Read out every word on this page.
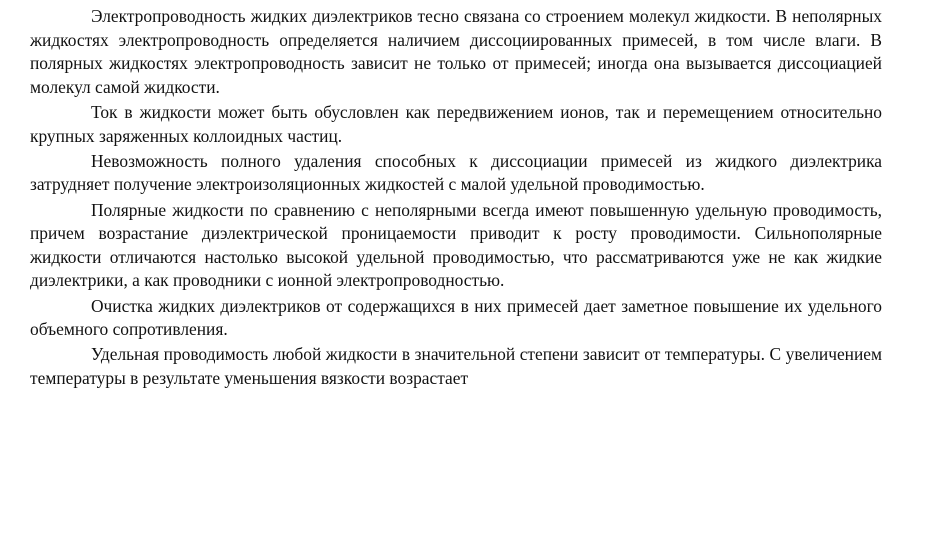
Электропроводность жидких диэлектриков тесно связана со строением молекул жидкости. В неполярных жидкостях электропроводность определяется наличием диссоциированных примесей, в том числе влаги. В полярных жидкостях электропроводность зависит не только от примесей; иногда она вызывается диссоциацией молекул самой жидкости.

Ток в жидкости может быть обусловлен как передвижением ионов, так и перемещением относительно крупных заряженных коллоидных частиц.

Невозможность полного удаления способных к диссоциации примесей из жидкого диэлектрика затрудняет получение электроизоляционных жидкостей с малой удельной проводимостью.

Полярные жидкости по сравнению с неполярными всегда имеют повышенную удельную проводимость, причем возрастание диэлектрической проницаемости приводит к росту проводимости. Сильнополярные жидкости отличаются настолько высокой удельной проводимостью, что рассматриваются уже не как жидкие диэлектрики, а как проводники с ионной электропроводностью.

Очистка жидких диэлектриков от содержащихся в них примесей дает заметное повышение их удельного объемного сопротивления.

Удельная проводимость любой жидкости в значительной степени зависит от температуры. С увеличением температуры в результате уменьшения вязкости возрастает
